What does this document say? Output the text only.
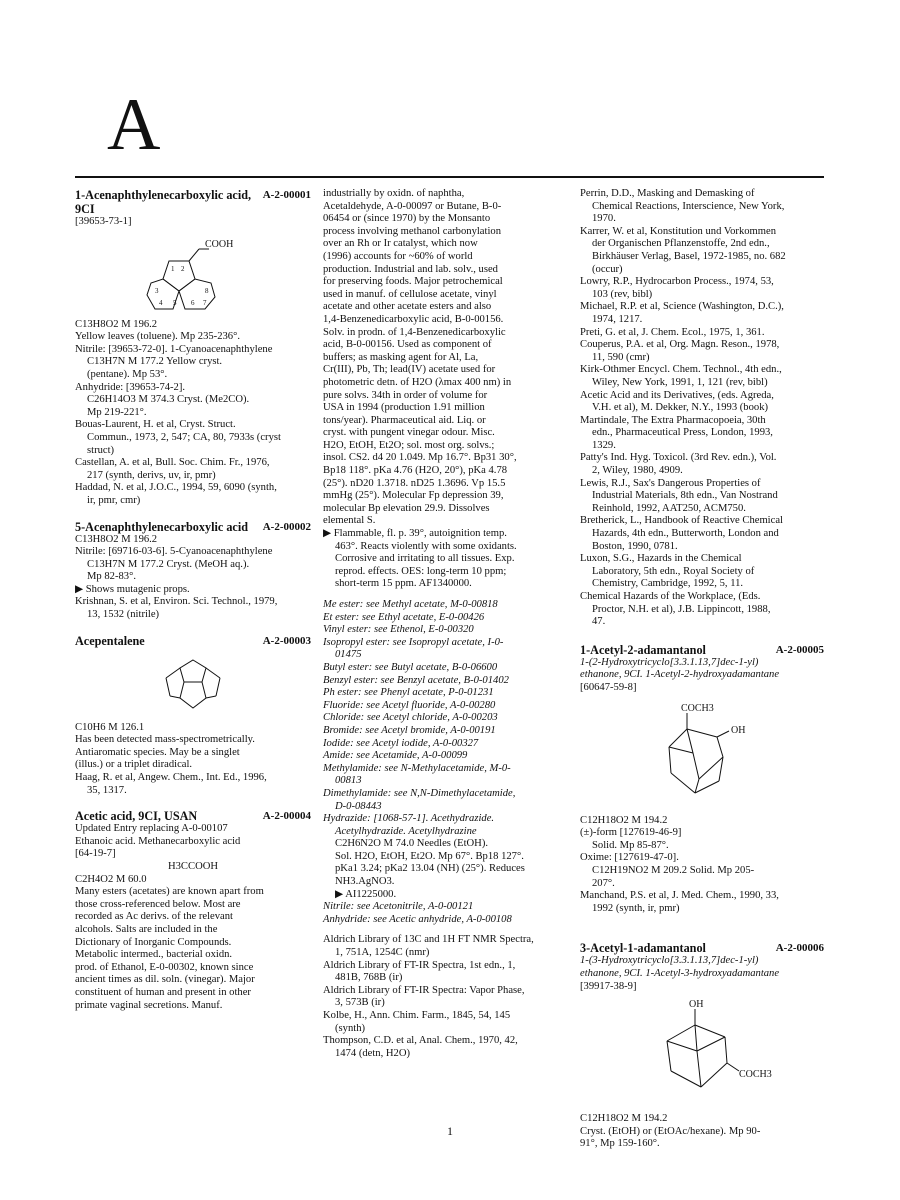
A
1-Acenaphthylenecarboxylic acid, 9CI
A-2-00001

[39653-73-1]

COOH
1 2
3
4 5 6 7
8

C13H8O2 M 196.2

Yellow leaves (toluene). Mp 235-236°.

Nitrile: [39653-72-0]. 1-Cyanoacenaphthylene

C13H7N M 177.2 Yellow cryst.

(pentane). Mp 53°.

Anhydride: [39653-74-2].

C26H14O3 M 374.3 Cryst. (Me2CO).

Mp 219-221°.

Bouas-Laurent, H. et al, Cryst. Struct.

Commun., 1973, 2, 547; CA, 80, 7933s (cryst

struct)

Castellan, A. et al, Bull. Soc. Chim. Fr., 1976,

217 (synth, derivs, uv, ir, pmr)

Haddad, N. et al, J.O.C., 1994, 59, 6090 (synth,

ir, pmr, cmr)

5-Acenaphthylenecarboxylic acid	A-2-00002

C13H8O2 M 196.2

Nitrile: [69716-03-6]. 5-Cyanoacenaphthylene

C13H7N M 177.2 Cryst. (MeOH aq.).

Mp 82-83°.

▶ Shows mutagenic props.

Krishnan, S. et al, Environ. Sci. Technol., 1979,

13, 1532 (nitrile)

Acepentalene	A-2-00003

C10H6 M 126.1

Has been detected mass-spectrometrically.

Antiaromatic species. May be a singlet

(illus.) or a triplet diradical.

Haag, R. et al, Angew. Chem., Int. Ed., 1996,

35, 1317.

Acetic acid, 9CI, USAN	A-2-00004

Updated Entry replacing A-0-00107

Ethanoic acid. Methanecarboxylic acid

[64-19-7]

H3CCOOH

C2H4O2 M 60.0

Many esters (acetates) are known apart from

those cross-referenced below. Most are

recorded as Ac derivs. of the relevant

alcohols. Salts are included in the

Dictionary of Inorganic Compounds.

Metabolic intermed., bacterial oxidn.

prod. of Ethanol, E-0-00302, known since

ancient times as dil. soln. (vinegar). Major

constituent of human and present in other

primate vaginal secretions. Manuf.

industrially by oxidn. of naphtha,

Acetaldehyde, A-0-00097 or Butane, B-0-

06454 or (since 1970) by the Monsanto

process involving methanol carbonylation

over an Rh or Ir catalyst, which now

(1996) accounts for ~60% of world

production. Industrial and lab. solv., used

for preserving foods. Major petrochemical

used in manuf. of cellulose acetate, vinyl

acetate and other acetate esters and also

1,4-Benzenedicarboxylic acid, B-0-00156.

Solv. in prodn. of 1,4-Benzenedicarboxylic

acid, B-0-00156. Used as component of

buffers; as masking agent for Al, La,

Cr(III), Pb, Th; lead(IV) acetate used for

photometric detn. of H2O (λmax 400 nm) in

pure solvs. 34th in order of volume for

USA in 1994 (production 1.91 million

tons/year). Pharmaceutical aid. Liq. or

cryst. with pungent vinegar odour. Misc.

H2O, EtOH, Et2O; sol. most org. solvs.;

insol. CS2. d4 20 1.049. Mp 16.7°. Bp31 30°,

Bp18 118°. pKa 4.76 (H2O, 20°), pKa 4.78

(25°). nD20 1.3718. nD25 1.3696. Vp 15.5

mmHg (25°). Molecular Fp depression 39,

molecular Bp elevation 29.9. Dissolves

elemental S.

▶ Flammable, fl. p. 39°, autoignition temp.

463°. Reacts violently with some oxidants.

Corrosive and irritating to all tissues. Exp.

reprod. effects. OES: long-term 10 ppm;

short-term 15 ppm. AF1340000.

Me ester: see Methyl acetate, M-0-00818

Et ester: see Ethyl acetate, E-0-00426

Vinyl ester: see Ethenol, E-0-00320

Isopropyl ester: see Isopropyl acetate, I-0-

01475

Butyl ester: see Butyl acetate, B-0-06600

Benzyl ester: see Benzyl acetate, B-0-01402

Ph ester: see Phenyl acetate, P-0-01231

Fluoride: see Acetyl fluoride, A-0-00280

Chloride: see Acetyl chloride, A-0-00203

Bromide: see Acetyl bromide, A-0-00191

Iodide: see Acetyl iodide, A-0-00327

Amide: see Acetamide, A-0-00099

Methylamide: see N-Methylacetamide, M-0-

00813

Dimethylamide: see N,N-Dimethylacetamide,

D-0-08443

Hydrazide: [1068-57-1]. Acethydrazide.

Acetylhydrazide. Acetylhydrazine

C2H6N2O M 74.0 Needles (EtOH).

Sol. H2O, EtOH, Et2O. Mp 67°. Bp18 127°.

pKa1 3.24; pKa2 13.04 (NH) (25°). Reduces

NH3.AgNO3.

▶ AI1225000.

Nitrile: see Acetonitrile, A-0-00121

Anhydride: see Acetic anhydride, A-0-00108

Aldrich Library of 13C and 1H FT NMR Spectra,

1, 751A, 1254C (nmr)

Aldrich Library of FT-IR Spectra, 1st edn., 1,

481B, 768B (ir)

Aldrich Library of FT-IR Spectra: Vapor Phase,

3, 573B (ir)

Kolbe, H., Ann. Chim. Farm., 1845, 54, 145

(synth)

Thompson, C.D. et al, Anal. Chem., 1970, 42,

1474 (detn, H2O)

Perrin, D.D., Masking and Demasking of

Chemical Reactions, Interscience, New York,

1970.

Karrer, W. et al, Konstitution und Vorkommen

der Organischen Pflanzenstoffe, 2nd edn.,

Birkhäuser Verlag, Basel, 1972-1985, no. 682

(occur)

Lowry, R.P., Hydrocarbon Process., 1974, 53,

103 (rev, bibl)

Michael, R.P. et al, Science (Washington, D.C.),

1974, 1217.

Preti, G. et al, J. Chem. Ecol., 1975, 1, 361.

Couperus, P.A. et al, Org. Magn. Reson., 1978,

11, 590 (cmr)

Kirk-Othmer Encycl. Chem. Technol., 4th edn.,

Wiley, New York, 1991, 1, 121 (rev, bibl)

Acetic Acid and its Derivatives, (eds. Agreda,

V.H. et al), M. Dekker, N.Y., 1993 (book)

Martindale, The Extra Pharmacopoeia, 30th

edn., Pharmaceutical Press, London, 1993,

1329.

Patty's Ind. Hyg. Toxicol. (3rd Rev. edn.), Vol.

2, Wiley, 1980, 4909.

Lewis, R.J., Sax's Dangerous Properties of

Industrial Materials, 8th edn., Van Nostrand

Reinhold, 1992, AAT250, ACM750.

Bretherick, L., Handbook of Reactive Chemical

Hazards, 4th edn., Butterworth, London and

Boston, 1990, 0781.

Luxon, S.G., Hazards in the Chemical

Laboratory, 5th edn., Royal Society of

Chemistry, Cambridge, 1992, 5, 11.

Chemical Hazards of the Workplace, (Eds.

Proctor, N.H. et al), J.B. Lippincott, 1988,

47.

1-Acetyl-2-adamantanol	A-2-00005

1-(2-Hydroxytricyclo[3.3.1.13,7]dec-1-yl)

ethanone, 9CI. 1-Acetyl-2-hydroxyadamantane

[60647-59-8]

COCH3
OH

C12H18O2 M 194.2

(±)-form [127619-46-9]

Solid. Mp 85-87°.

Oxime: [127619-47-0].

C12H19NO2 M 209.2 Solid. Mp 205-

207°.

Manchand, P.S. et al, J. Med. Chem., 1990, 33,

1992 (synth, ir, pmr)

3-Acetyl-1-adamantanol	A-2-00006

1-(3-Hydroxytricyclo[3.3.1.13,7]dec-1-yl)

ethanone, 9CI. 1-Acetyl-3-hydroxyadamantane

[39917-38-9]

OH
COCH3

C12H18O2 M 194.2

Cryst. (EtOH) or (EtOAc/hexane). Mp 90-

91°, Mp 159-160°.

1
